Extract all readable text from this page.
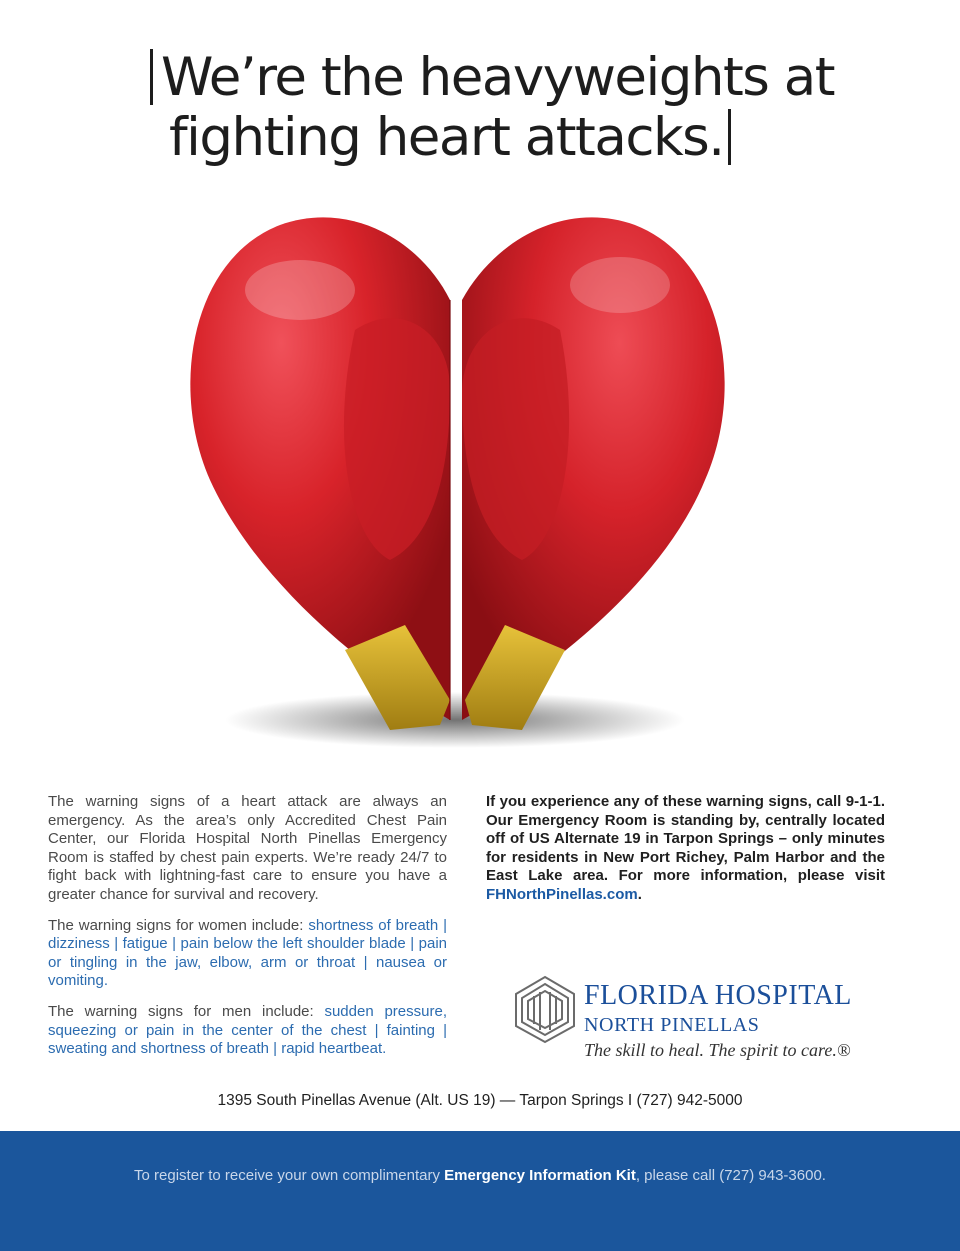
We’re the heavyweights at
fighting heart attacks.

The warning signs of a heart attack are always an emergency. As the area’s only Accredited Chest Pain Center, our Florida Hospital North Pinellas Emergency Room is staffed by chest pain experts. We’re ready 24/7 to fight back with lightning-fast care to ensure you have a greater chance for survival and recovery.

The warning signs for women include: shortness of breath | dizziness | fatigue | pain below the left shoulder blade | pain or tingling in the jaw, elbow, arm or throat | nausea or vomiting.

The warning signs for men include: sudden pressure, squeezing or pain in the center of the chest | fainting | sweating and shortness of breath | rapid heartbeat.

If you experience any of these warning signs, call 9-1-1. Our Emergency Room is standing by, centrally located off of US Alternate 19 in Tarpon Springs – only minutes for residents in New Port Richey, Palm Harbor and the East Lake area. For more information, please visit FHNorthPinellas.com.
FLORIDA HOSPITAL
NORTH PINELLAS
The skill to heal. The spirit to care.®
1395 South Pinellas Avenue (Alt. US 19) — Tarpon Springs I (727) 942-5000
To register to receive your own complimentary Emergency Information Kit, please call (727) 943-3600.
